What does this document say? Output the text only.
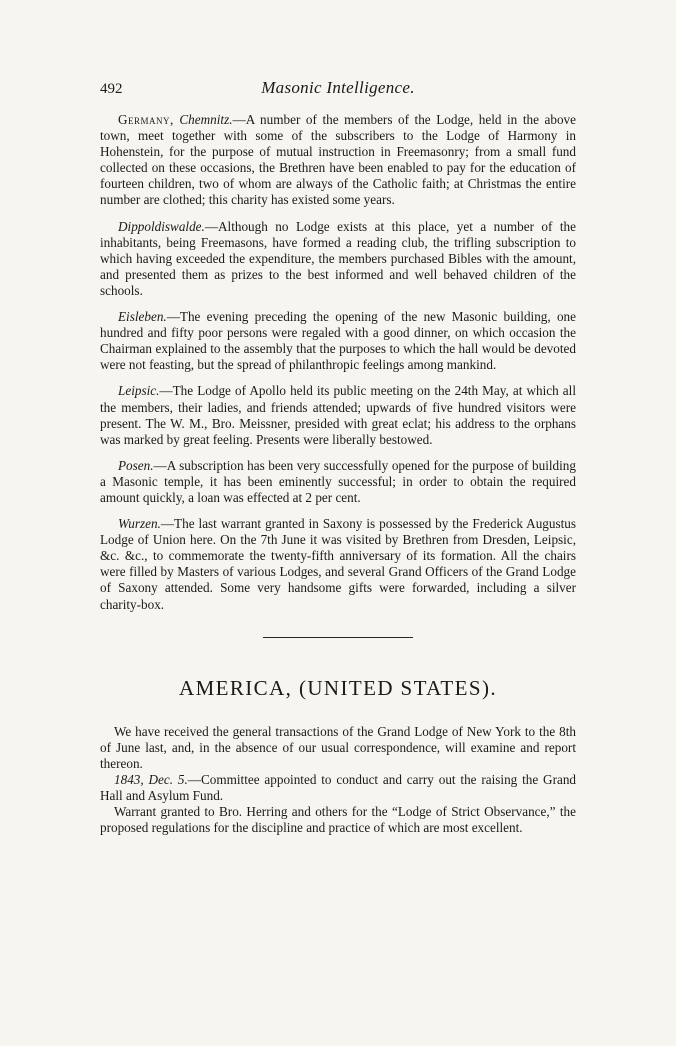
492	Masonic Intelligence.

Germany, Chemnitz.—A number of the members of the Lodge, held in the above town, meet together with some of the subscribers to the Lodge of Harmony in Hohenstein, for the purpose of mutual instruction in Freemasonry; from a small fund collected on these occasions, the Brethren have been enabled to pay for the education of fourteen children, two of whom are always of the Catholic faith; at Christmas the entire number are clothed; this charity has existed some years.

Dippoldiswalde.—Although no Lodge exists at this place, yet a number of the inhabitants, being Freemasons, have formed a reading club, the trifling subscription to which having exceeded the expenditure, the members purchased Bibles with the amount, and presented them as prizes to the best informed and well behaved children of the schools.

Eisleben.—The evening preceding the opening of the new Masonic building, one hundred and fifty poor persons were regaled with a good dinner, on which occasion the Chairman explained to the assembly that the purposes to which the hall would be devoted were not feasting, but the spread of philanthropic feelings among mankind.

Leipsic.—The Lodge of Apollo held its public meeting on the 24th May, at which all the members, their ladies, and friends attended; upwards of five hundred visitors were present. The W. M., Bro. Meissner, presided with great eclat; his address to the orphans was marked by great feeling. Presents were liberally bestowed.

Posen.—A subscription has been very successfully opened for the purpose of building a Masonic temple, it has been eminently successful; in order to obtain the required amount quickly, a loan was effected at 2 per cent.

Wurzen.—The last warrant granted in Saxony is possessed by the Frederick Augustus Lodge of Union here. On the 7th June it was visited by Brethren from Dresden, Leipsic, &c. &c., to commemorate the twenty-fifth anniversary of its formation. All the chairs were filled by Masters of various Lodges, and several Grand Officers of the Grand Lodge of Saxony attended. Some very handsome gifts were forwarded, including a silver charity-box.

AMERICA, (UNITED STATES).

We have received the general transactions of the Grand Lodge of New York to the 8th of June last, and, in the absence of our usual correspondence, will examine and report thereon.

1843, Dec. 5.—Committee appointed to conduct and carry out the raising the Grand Hall and Asylum Fund.

Warrant granted to Bro. Herring and others for the “Lodge of Strict Observance,” the proposed regulations for the discipline and practice of which are most excellent.
